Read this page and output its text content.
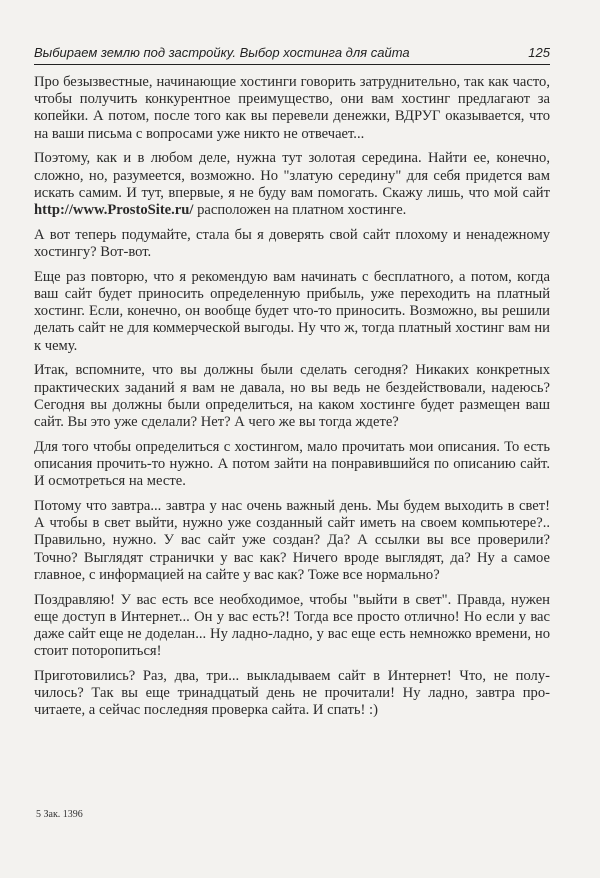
Выбираем землю под застройку. Выбор хостинга для сайта	125

Про безызвестные, начинающие хостинги говорить затруднительно, так как часто, чтобы получить конкурентное преимущество, они вам хостинг предлагают за копейки. А потом, после того как вы перевели денежки, ВДРУГ оказывается, что на ваши письма с вопросами уже никто не отвечает...

Поэтому, как и в любом деле, нужна тут золотая середина. Найти ее, конечно, сложно, но, разумеется, возможно. Но "златую середину" для себя придется вам искать самим. И тут, впервые, я не буду вам помогать. Скажу лишь, что мой сайт http://www.ProstoSite.ru/ расположен на платном хостинге.

А вот теперь подумайте, стала бы я доверять свой сайт плохому и ненадежному хостингу? Вот-вот.

Еще раз повторю, что я рекомендую вам начинать с бесплатного, а потом, когда ваш сайт будет приносить определенную прибыль, уже переходить на платный хостинг. Если, конечно, он вообще будет что-то приносить. Возможно, вы решили делать сайт не для коммерческой выгоды. Ну что ж, тогда платный хостинг вам ни к чему.

Итак, вспомните, что вы должны были сделать сегодня? Никаких конкретных практических заданий я вам не давала, но вы ведь не бездействовали, надеюсь? Сегодня вы должны были определиться, на каком хостинге будет размещен ваш сайт. Вы это уже сделали? Нет? А чего же вы тогда ждете?

Для того чтобы определиться с хостингом, мало прочитать мои описания. То есть описания прочить-то нужно. А потом зайти на понравившийся по описанию сайт. И осмотреться на месте.

Потому что завтра... завтра у нас очень важный день. Мы будем выходить в свет! А чтобы в свет выйти, нужно уже созданный сайт иметь на своем компьютере?.. Правильно, нужно. У вас сайт уже создан? Да? А ссылки вы все проверили? Точно? Выглядят странички у вас как? Ничего вроде выглядят, да? Ну а самое главное, с информацией на сайте у вас как? Тоже все нормально?

Поздравляю! У вас есть все необходимое, чтобы "выйти в свет". Правда, нужен еще доступ в Интернет... Он у вас есть?! Тогда все просто отлично! Но если у вас даже сайт еще не доделан... Ну ладно-ладно, у вас еще есть немножко времени, но стоит поторопиться!

Приготовились? Раз, два, три... выкладываем сайт в Интернет! Что, не получилось? Так вы еще тринадцатый день не прочитали! Ну ладно, завтра прочитаете, а сейчас последняя проверка сайта. И спать! :)

5 Зак. 1396
